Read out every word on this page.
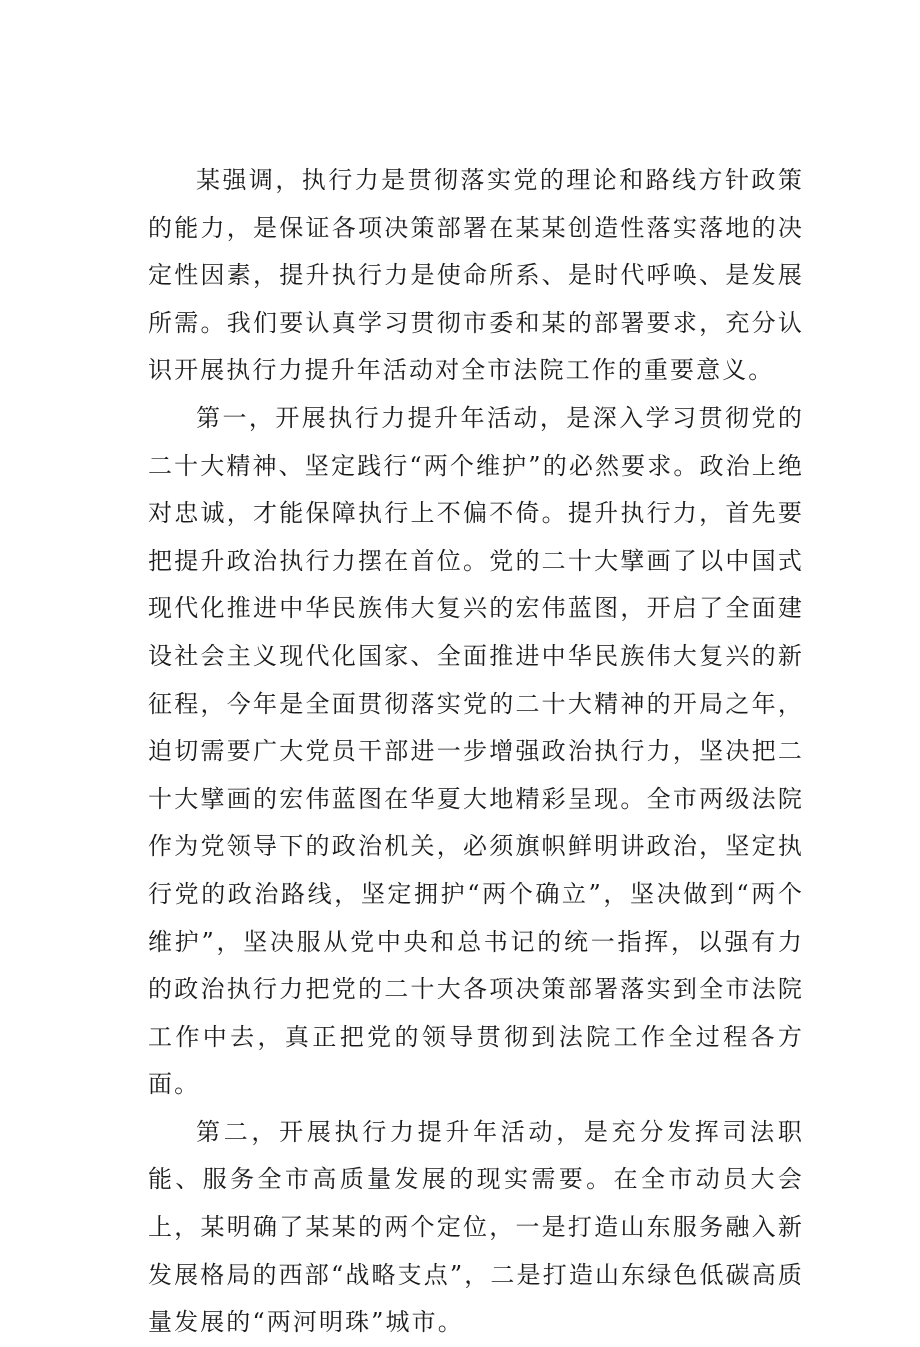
某强调，执行力是贯彻落实党的理论和路线方针政策的能力，是保证各项决策部署在某某创造性落实落地的决定性因素，提升执行力是使命所系、是时代呼唤、是发展所需。我们要认真学习贯彻市委和某的部署要求，充分认识开展执行力提升年活动对全市法院工作的重要意义。

第一，开展执行力提升年活动，是深入学习贯彻党的二十大精神、坚定践行“两个维护”的必然要求。政治上绝对忠诚，才能保障执行上不偏不倚。提升执行力，首先要把提升政治执行力摆在首位。党的二十大擘画了以中国式现代化推进中华民族伟大复兴的宏伟蓝图，开启了全面建设社会主义现代化国家、全面推进中华民族伟大复兴的新征程，今年是全面贯彻落实党的二十大精神的开局之年，迫切需要广大党员干部进一步增强政治执行力，坚决把二十大擘画的宏伟蓝图在华夏大地精彩呈现。全市两级法院作为党领导下的政治机关，必须旗帜鲜明讲政治，坚定执行党的政治路线，坚定拥护“两个确立”，坚决做到“两个维护”，坚决服从党中央和总书记的统一指挥，以强有力的政治执行力把党的二十大各项决策部署落实到全市法院工作中去，真正把党的领导贯彻到法院工作全过程各方面。

第二，开展执行力提升年活动，是充分发挥司法职能、服务全市高质量发展的现实需要。在全市动员大会上，某明确了某某的两个定位，一是打造山东服务融入新发展格局的西部“战略支点”，二是打造山东绿色低碳高质量发展的“两河明珠”城市。
